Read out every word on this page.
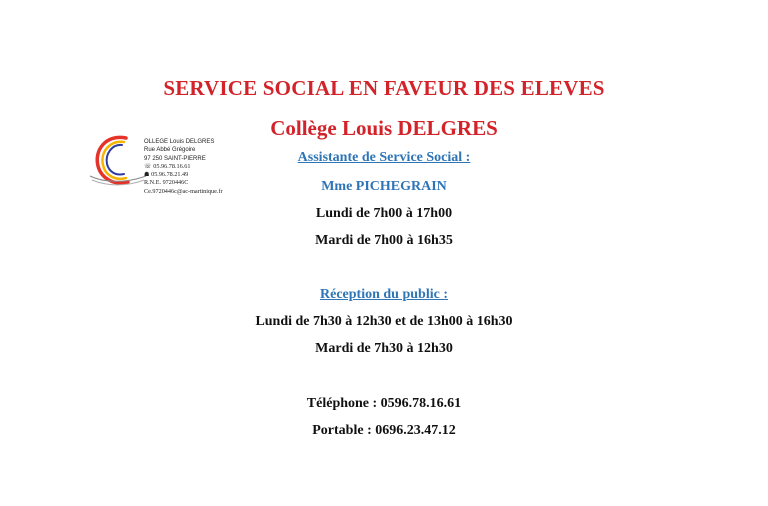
SERVICE SOCIAL EN FAVEUR DES ELEVES
Collège Louis DELGRES
OLLEGE Louis DELGRES
Rue Abbé Grégoire
97 250 SAINT-PIERRE
☏ 05.96.78.16.61
☗ 05.96.78.21.49
R.N.E. 9720446C
Ce.9720446c@ac-martinique.fr
Assistante de Service Social :
Mme PICHEGRAIN
Lundi de 7h00 à 17h00
Mardi de 7h00 à 16h35
Réception du public :
Lundi de 7h30 à 12h30 et de 13h00 à 16h30
Mardi de 7h30 à 12h30
Téléphone : 0596.78.16.61
Portable : 0696.23.47.12
